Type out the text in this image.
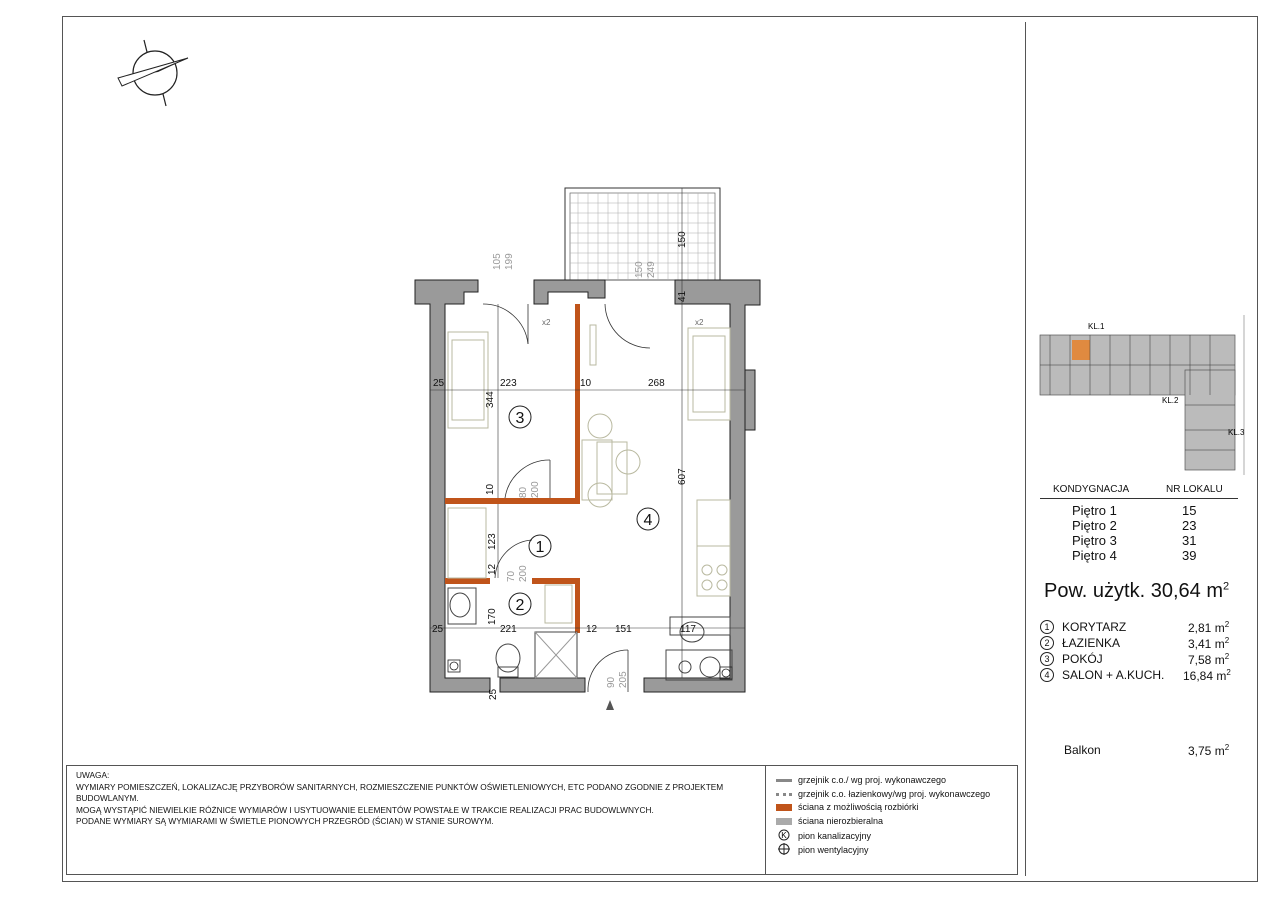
3
1
2
4
25	223	10	268
344
10
607
123
12
170
25	221	12 151	117
25
150
41
105 199	150 249
80 200
70 200
90 205
x2	x2	KL.1
KL.2
KL.3
KONDYGNACJA	NR LOKALU
Piętro 1	15
Piętro 2	23
Piętro 3	31
Piętro 4	39
Pow. użytk. 30,64 $m^2$
1	KORYTARZ	2,81 $m^2$
2	ŁAZIENKA	3,41 $m^2$
3	POKÓJ	7,58 $m^2$
4	SALON + A.KUCH. 16,84 $m^2$
Balkon	3,75 $m^2$
UWAGA:
WYMIARY POMIESZCZEŃ, LOKALIZACJĘ PRZYBORÓW SANITARNYCH, ROZMIESZCZENIE PUNKTÓW OŚWIETLENIOWYCH, ETC PODANO ZGODNIE Z PROJEKTEM BUDOWLANYM.
MOGĄ WYSTĄPIĆ NIEWIELKIE RÓŻNICE WYMIARÓW I USYTUOWANIE ELEMENTÓW POWSTAŁE W TRAKCIE REALIZACJI PRAC BUDOWLWNYCH.
PODANE WYMIARY SĄ WYMIARAMI W ŚWIETLE PIONOWYCH PRZEGRÓD (ŚCIAN) W STANIE SUROWYM.
grzejnik c.o./ wg proj. wykonawczego
grzejnik c.o. łazienkowy/wg proj. wykonawczego
ściana z możliwością rozbiórki
ściana nierozbieralna
K pion kanalizacyjny
pion wentylacyjny
